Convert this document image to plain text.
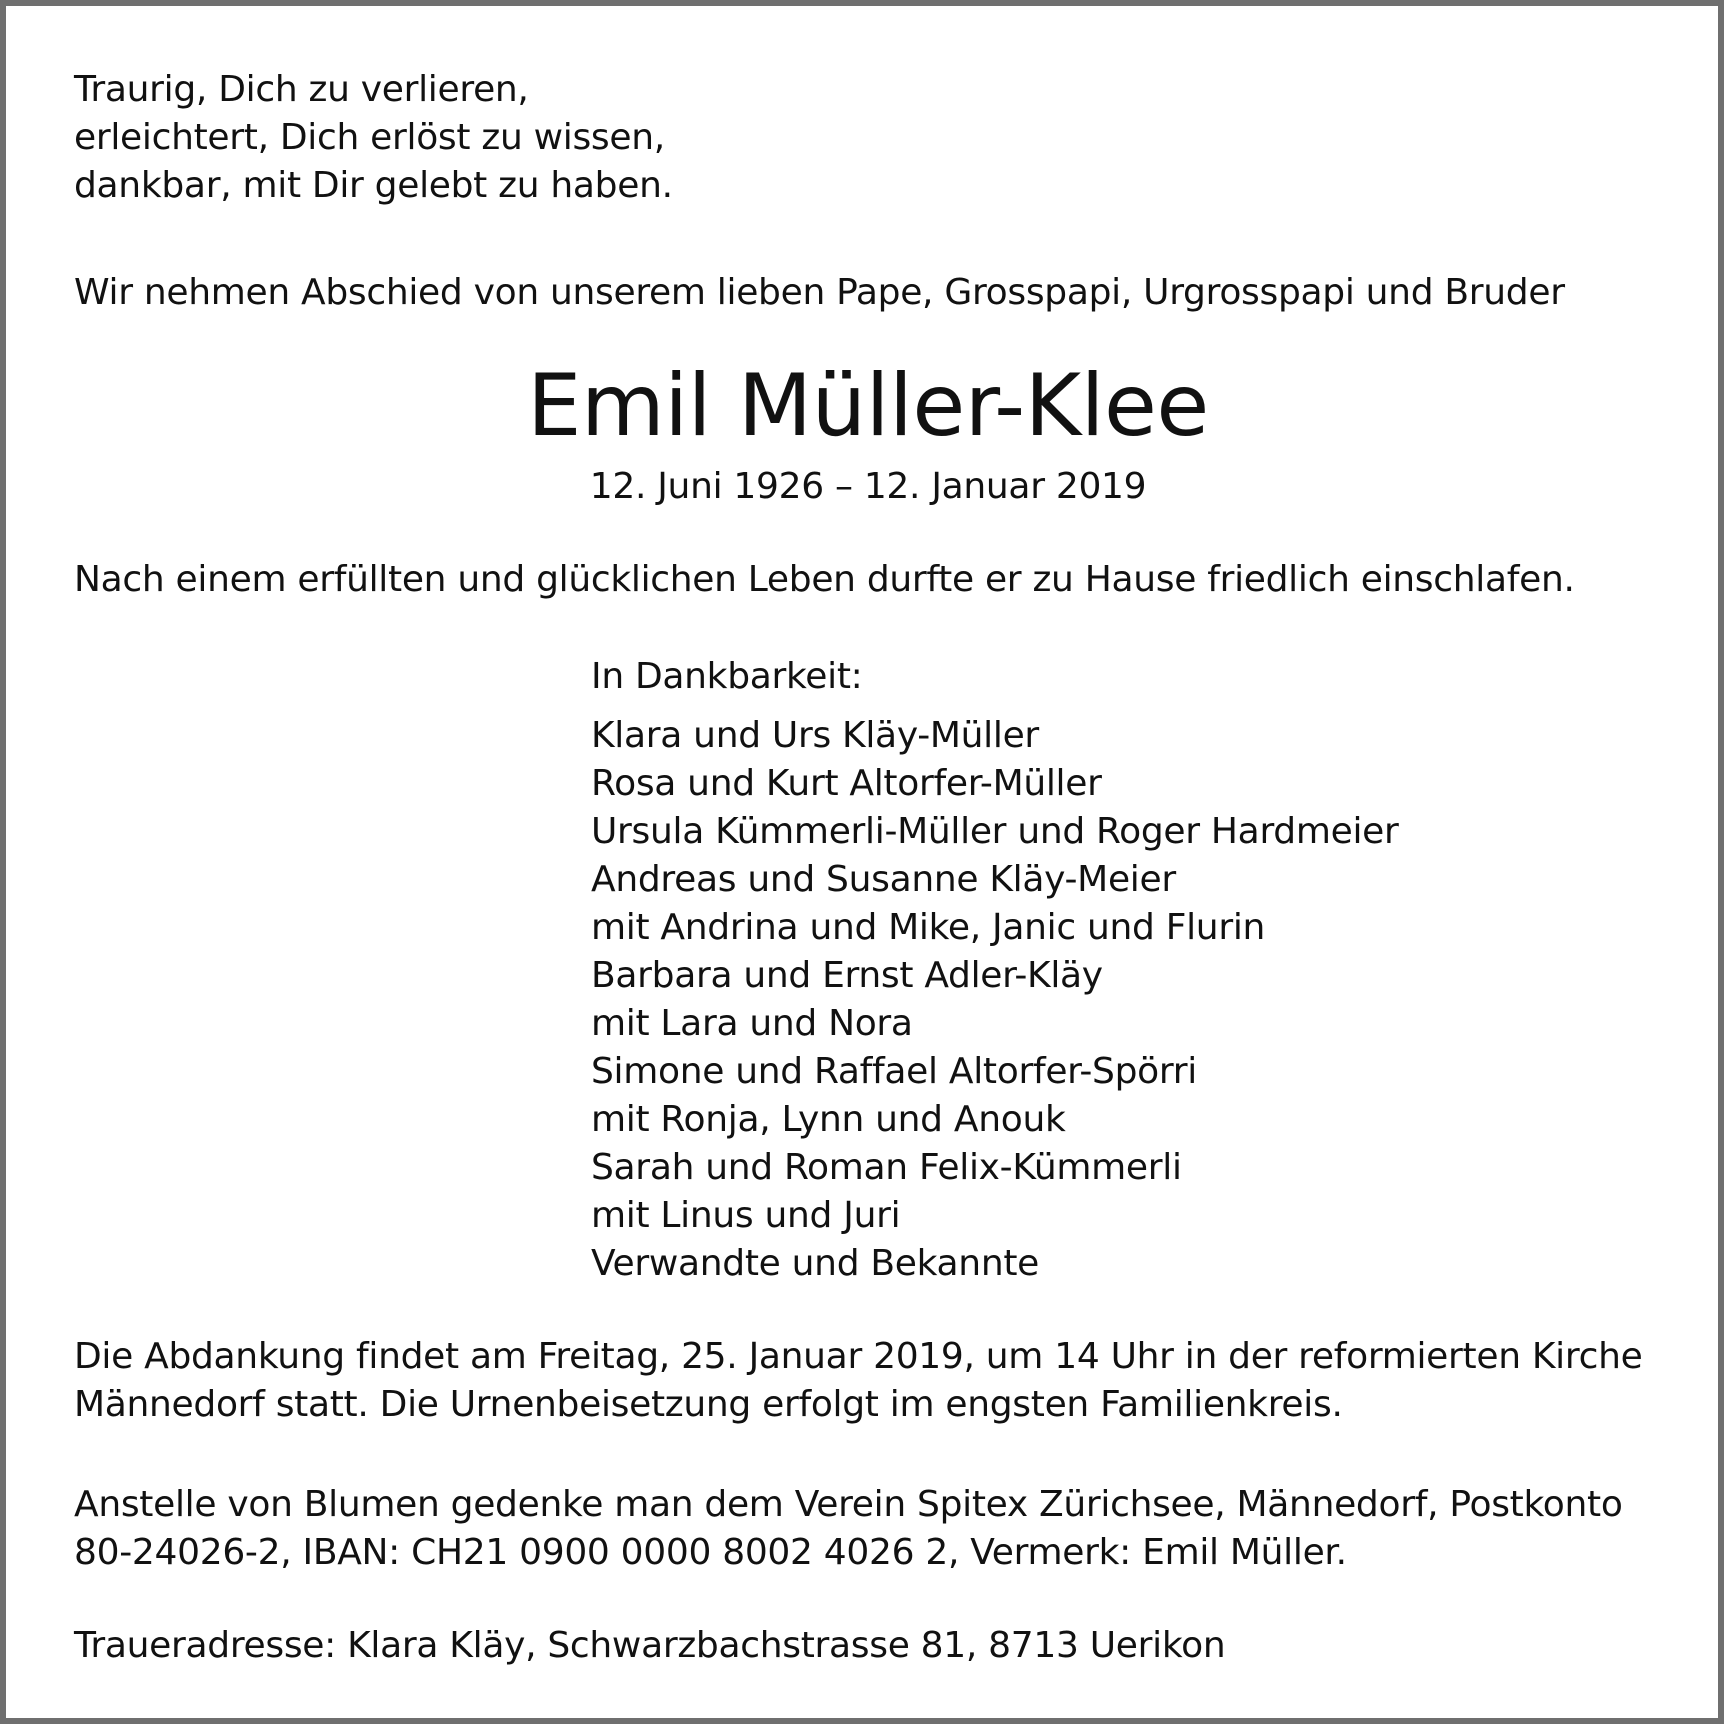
Traurig, Dich zu verlieren,
erleichtert, Dich erlöst zu wissen,
dankbar, mit Dir gelebt zu haben.
Wir nehmen Abschied von unserem lieben Pape, Grosspapi, Urgrosspapi und Bruder
Emil Müller-Klee
12. Juni 1926 – 12. Januar 2019
Nach einem erfüllten und glücklichen Leben durfte er zu Hause friedlich einschlafen.
In Dankbarkeit:
Klara und Urs Kläy-Müller
Rosa und Kurt Altorfer-Müller
Ursula Kümmerli-Müller und Roger Hardmeier
Andreas und Susanne Kläy-Meier
mit Andrina und Mike, Janic und Flurin
Barbara und Ernst Adler-Kläy
mit Lara und Nora
Simone und Raffael Altorfer-Spörri
mit Ronja, Lynn und Anouk
Sarah und Roman Felix-Kümmerli
mit Linus und Juri
Verwandte und Bekannte
Die Abdankung findet am Freitag, 25. Januar 2019, um 14 Uhr in der reformierten Kirche
Männedorf statt. Die Urnenbeisetzung erfolgt im engsten Familienkreis.
Anstelle von Blumen gedenke man dem Verein Spitex Zürichsee, Männedorf, Postkonto
80-24026-2, IBAN: CH21 0900 0000 8002 4026 2, Vermerk: Emil Müller.
Traueradresse: Klara Kläy, Schwarzbachstrasse 81, 8713 Uerikon
